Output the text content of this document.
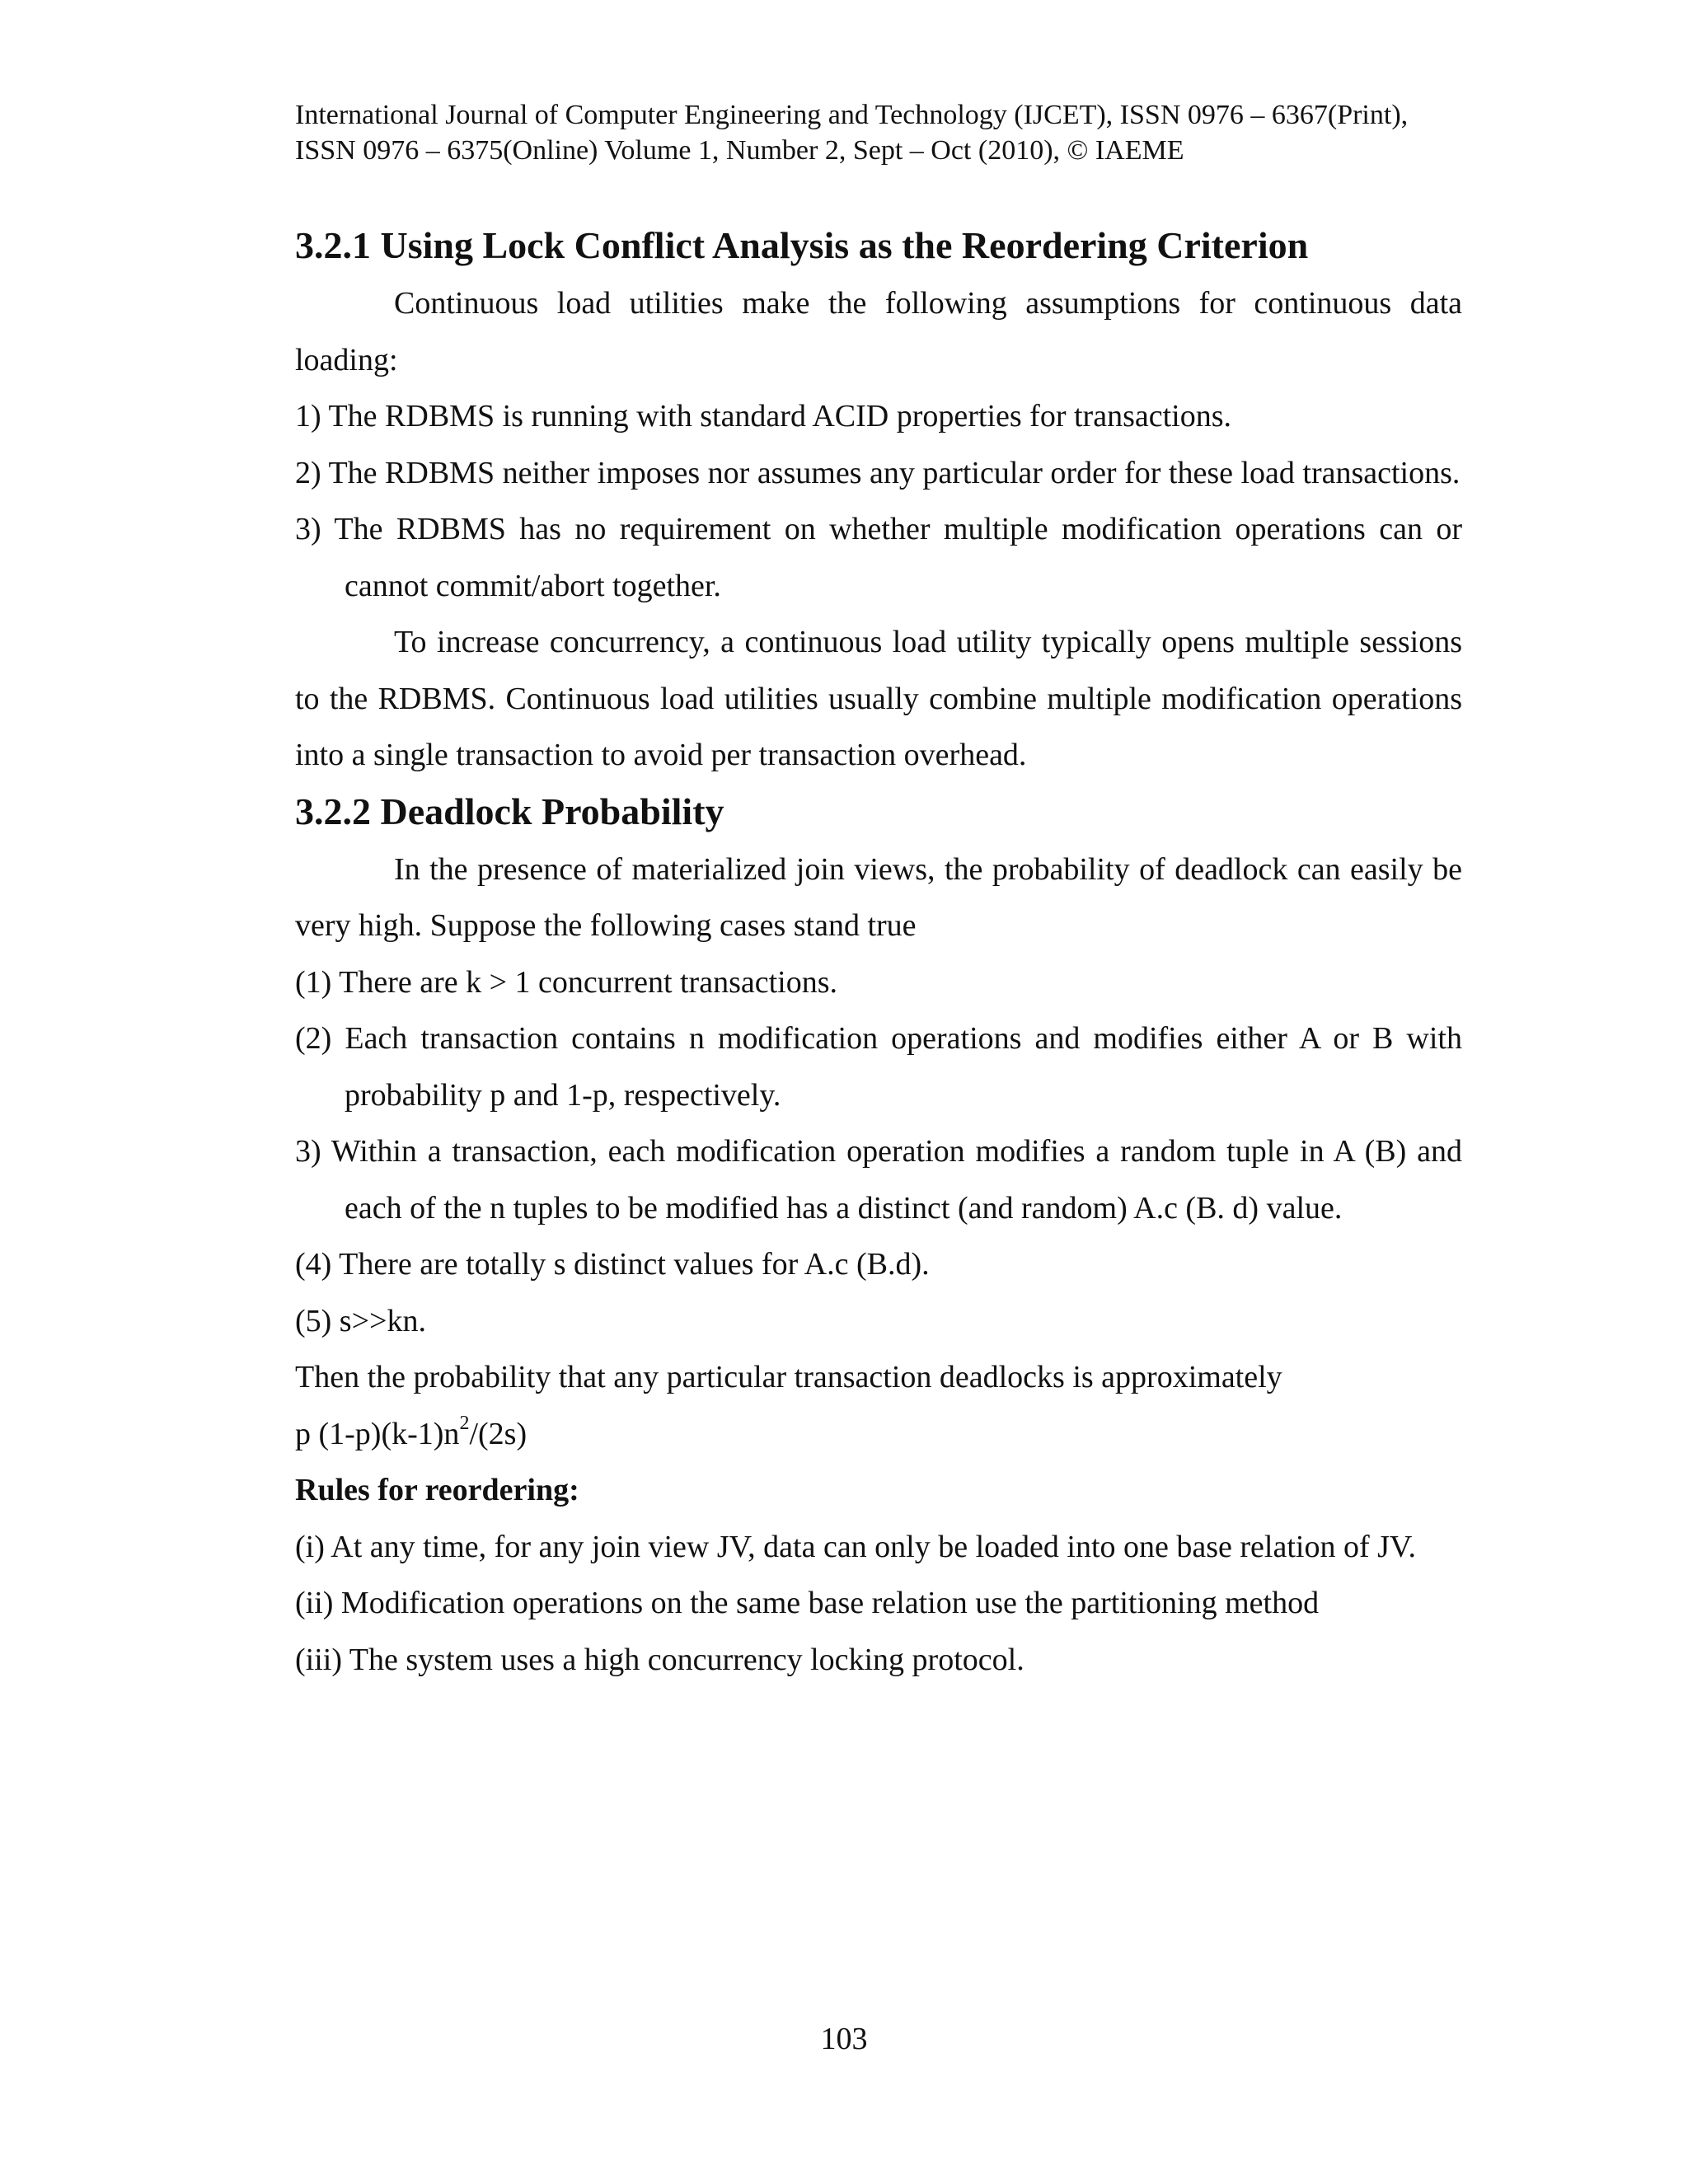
International Journal of Computer Engineering and Technology (IJCET), ISSN 0976 – 6367(Print),
ISSN 0976 – 6375(Online) Volume 1, Number 2, Sept – Oct (2010), © IAEME
3.2.1 Using Lock Conflict Analysis as the Reordering Criterion

Continuous load utilities make the following assumptions for continuous data loading:

1) The RDBMS is running with standard ACID properties for transactions.

2) The RDBMS neither imposes nor assumes any particular order for these load transactions.

3) The RDBMS has no requirement on whether multiple modification operations can or cannot commit/abort together.

To increase concurrency, a continuous load utility typically opens multiple sessions to the RDBMS. Continuous load utilities usually combine multiple modification operations into a single transaction to avoid per transaction overhead.

3.2.2 Deadlock Probability

In the presence of materialized join views, the probability of deadlock can easily be very high. Suppose the following cases stand true

(1) There are k > 1 concurrent transactions.

(2) Each transaction contains n modification operations and modifies either A or B with probability p and 1-p, respectively.

3) Within a transaction, each modification operation modifies a random tuple in A (B) and each of the n tuples to be modified has a distinct (and random) A.c (B. d) value.

(4) There are totally s distinct values for A.c (B.d).

(5) s>>kn.

Then the probability that any particular transaction deadlocks is approximately

p $(1-p)(k-1)n^2/(2s)$

Rules for reordering:

(i) At any time, for any join view JV, data can only be loaded into one base relation of JV.

(ii) Modification operations on the same base relation use the partitioning method

(iii) The system uses a high concurrency locking protocol.

103
